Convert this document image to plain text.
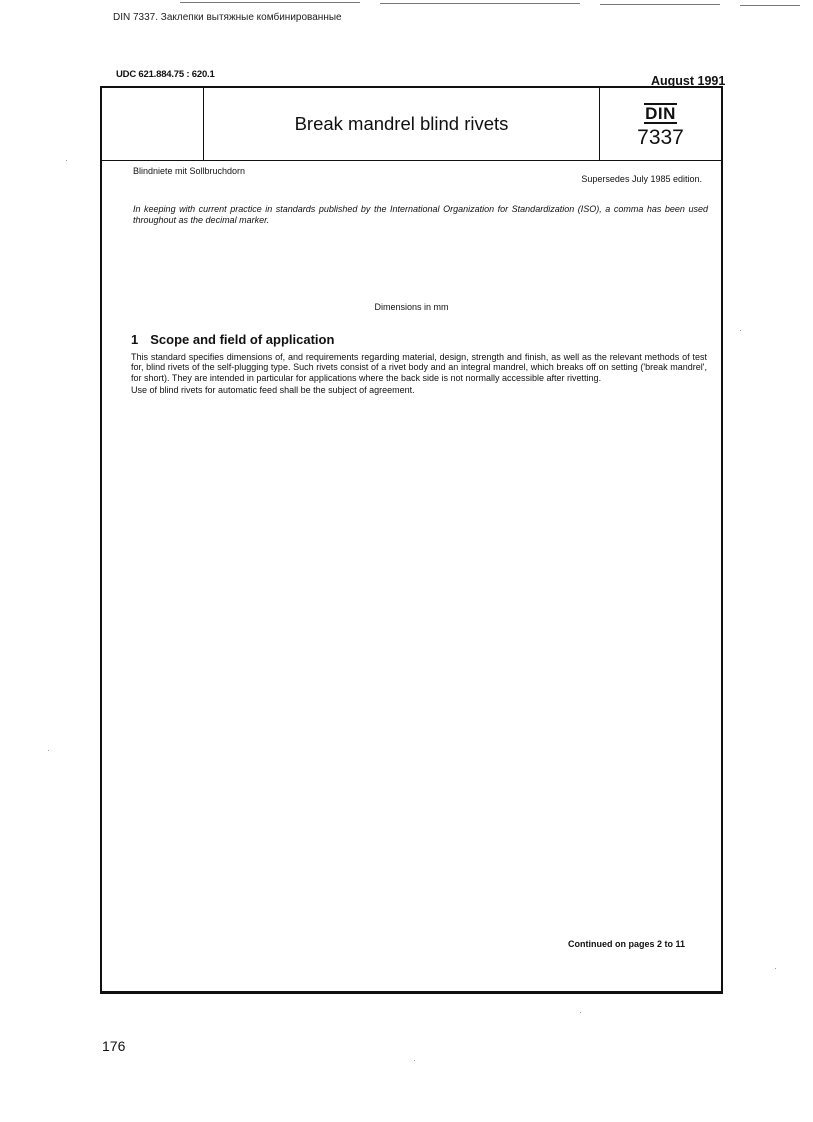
DIN 7337. Заклепки вытяжные комбинированные
UDC 621.884.75 : 620.1	August 1991
Break mandrel blind rivets	DIN
7337
Blindniete mit Sollbruchdorn
Supersedes July 1985 edition.
In keeping with current practice in standards published by the International Organization for Standardization (ISO), a comma has been used throughout as the decimal marker.
Dimensions in mm
1 Scope and field of application

This standard specifies dimensions of, and requirements regarding material, design, strength and finish, as well as the relevant methods of test for, blind rivets of the self-plugging type. Such rivets consist of a rivet body and an integral mandrel, which breaks off on setting ('break mandrel', for short). They are intended in particular for applications where the back side is not normally accessible after rivetting.

Use of blind rivets for automatic feed shall be the subject of agreement.

Continued on pages 2 to 11
176
